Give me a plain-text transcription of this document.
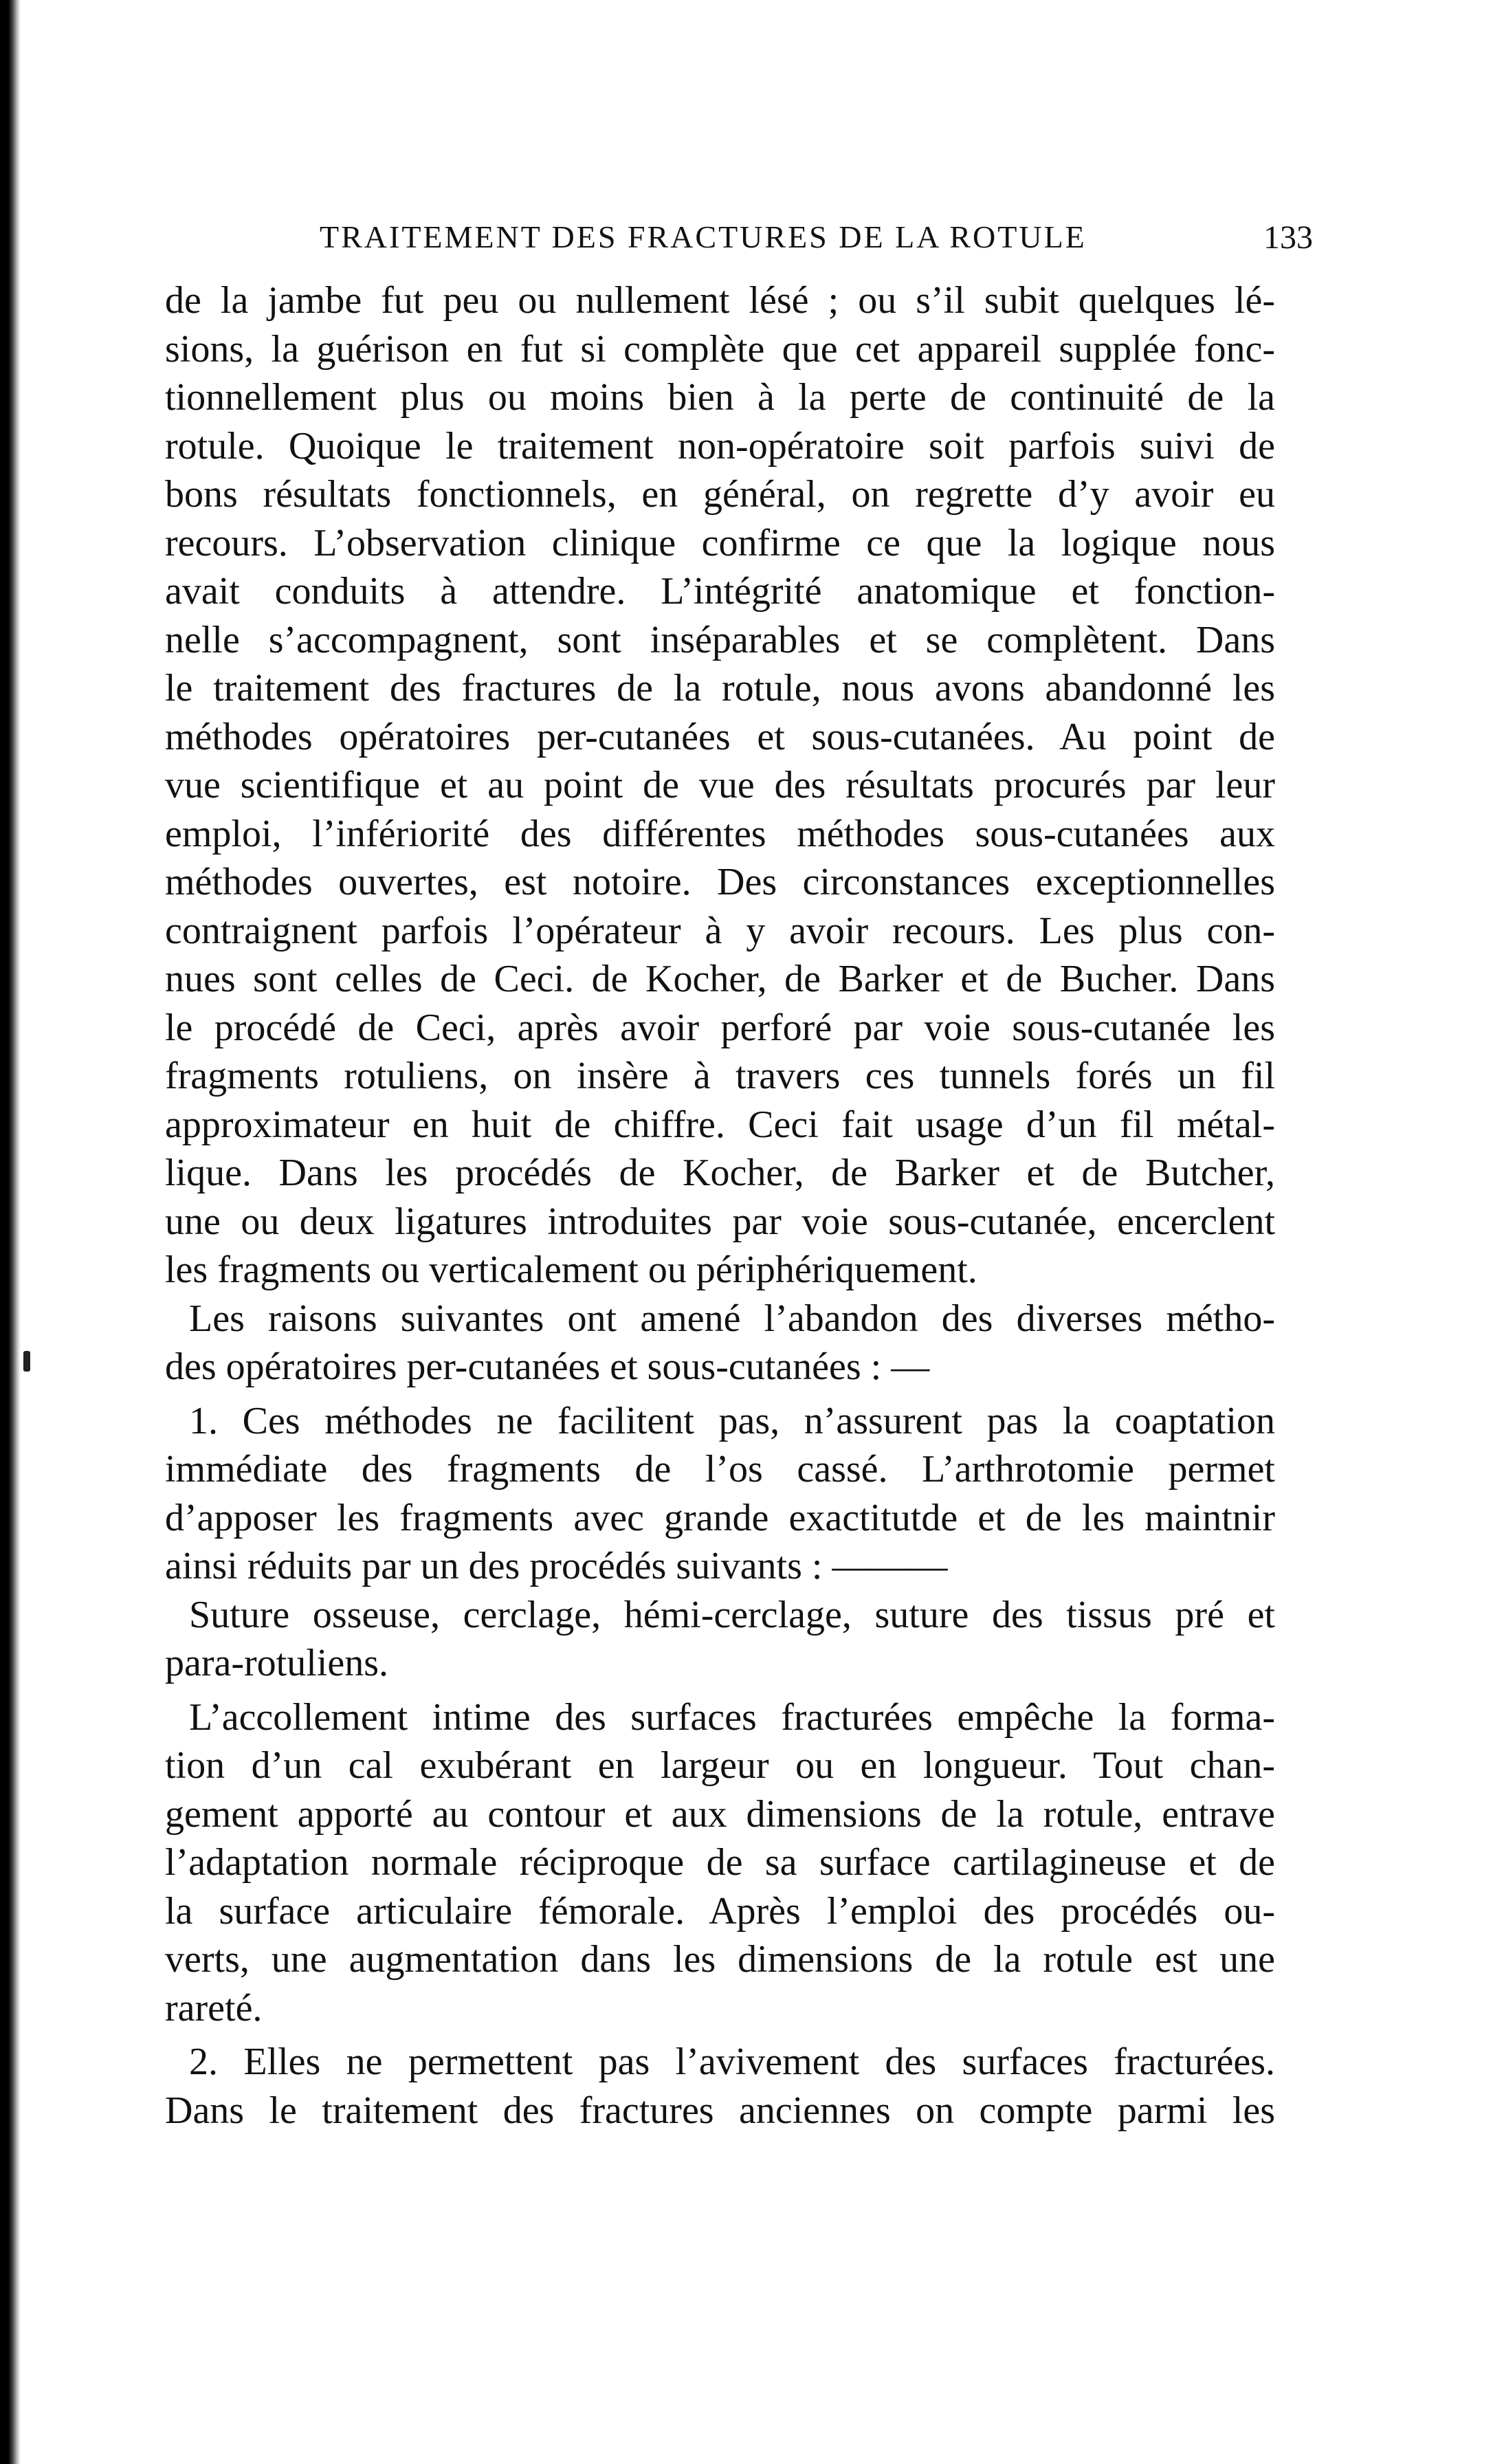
TRAITEMENT DES FRACTURES DE LA ROTULE	133
de la jambe fut peu ou nullement lésé ; ou s’il subit quelques lé-
sions, la guérison en fut si complète que cet appareil supplée fonc-
tionnellement plus ou moins bien à la perte de continuité de la
rotule. Quoique le traitement non-opératoire soit parfois suivi de
bons résultats fonctionnels, en général, on regrette d’y avoir eu
recours. L’observation clinique confirme ce que la logique nous
avait conduits à attendre. L’intégrité anatomique et fonction-
nelle s’accompagnent, sont inséparables et se complètent. Dans
le traitement des fractures de la rotule, nous avons abandonné les
méthodes opératoires per-cutanées et sous-cutanées. Au point de
vue scientifique et au point de vue des résultats procurés par leur
emploi, l’infériorité des différentes méthodes sous-cutanées aux
méthodes ouvertes, est notoire. Des circonstances exceptionnelles
contraignent parfois l’opérateur à y avoir recours. Les plus con-
nues sont celles de Ceci. de Kocher, de Barker et de Bucher. Dans
le procédé de Ceci, après avoir perforé par voie sous-cutanée les
fragments rotuliens, on insère à travers ces tunnels forés un fil
approximateur en huit de chiffre. Ceci fait usage d’un fil métal-
lique. Dans les procédés de Kocher, de Barker et de Butcher,
une ou deux ligatures introduites par voie sous-cutanée, encerclent
les fragments ou verticalement ou périphériquement.
Les raisons suivantes ont amené l’abandon des diverses métho-
des opératoires per-cutanées et sous-cutanées : —
1. Ces méthodes ne facilitent pas, n’assurent pas la coaptation
immédiate des fragments de l’os cassé. L’arthrotomie permet
d’apposer les fragments avec grande exactitutde et de les maintnir
ainsi réduits par un des procédés suivants : ———
Suture osseuse, cerclage, hémi-cerclage, suture des tissus pré et
para-rotuliens.
L’accollement intime des surfaces fracturées empêche la forma-
tion d’un cal exubérant en largeur ou en longueur. Tout chan-
gement apporté au contour et aux dimensions de la rotule, entrave
l’adaptation normale réciproque de sa surface cartilagineuse et de
la surface articulaire fémorale. Après l’emploi des procédés ou-
verts, une augmentation dans les dimensions de la rotule est une
rareté.
2. Elles ne permettent pas l’avivement des surfaces fracturées.
Dans le traitement des fractures anciennes on compte parmi les
